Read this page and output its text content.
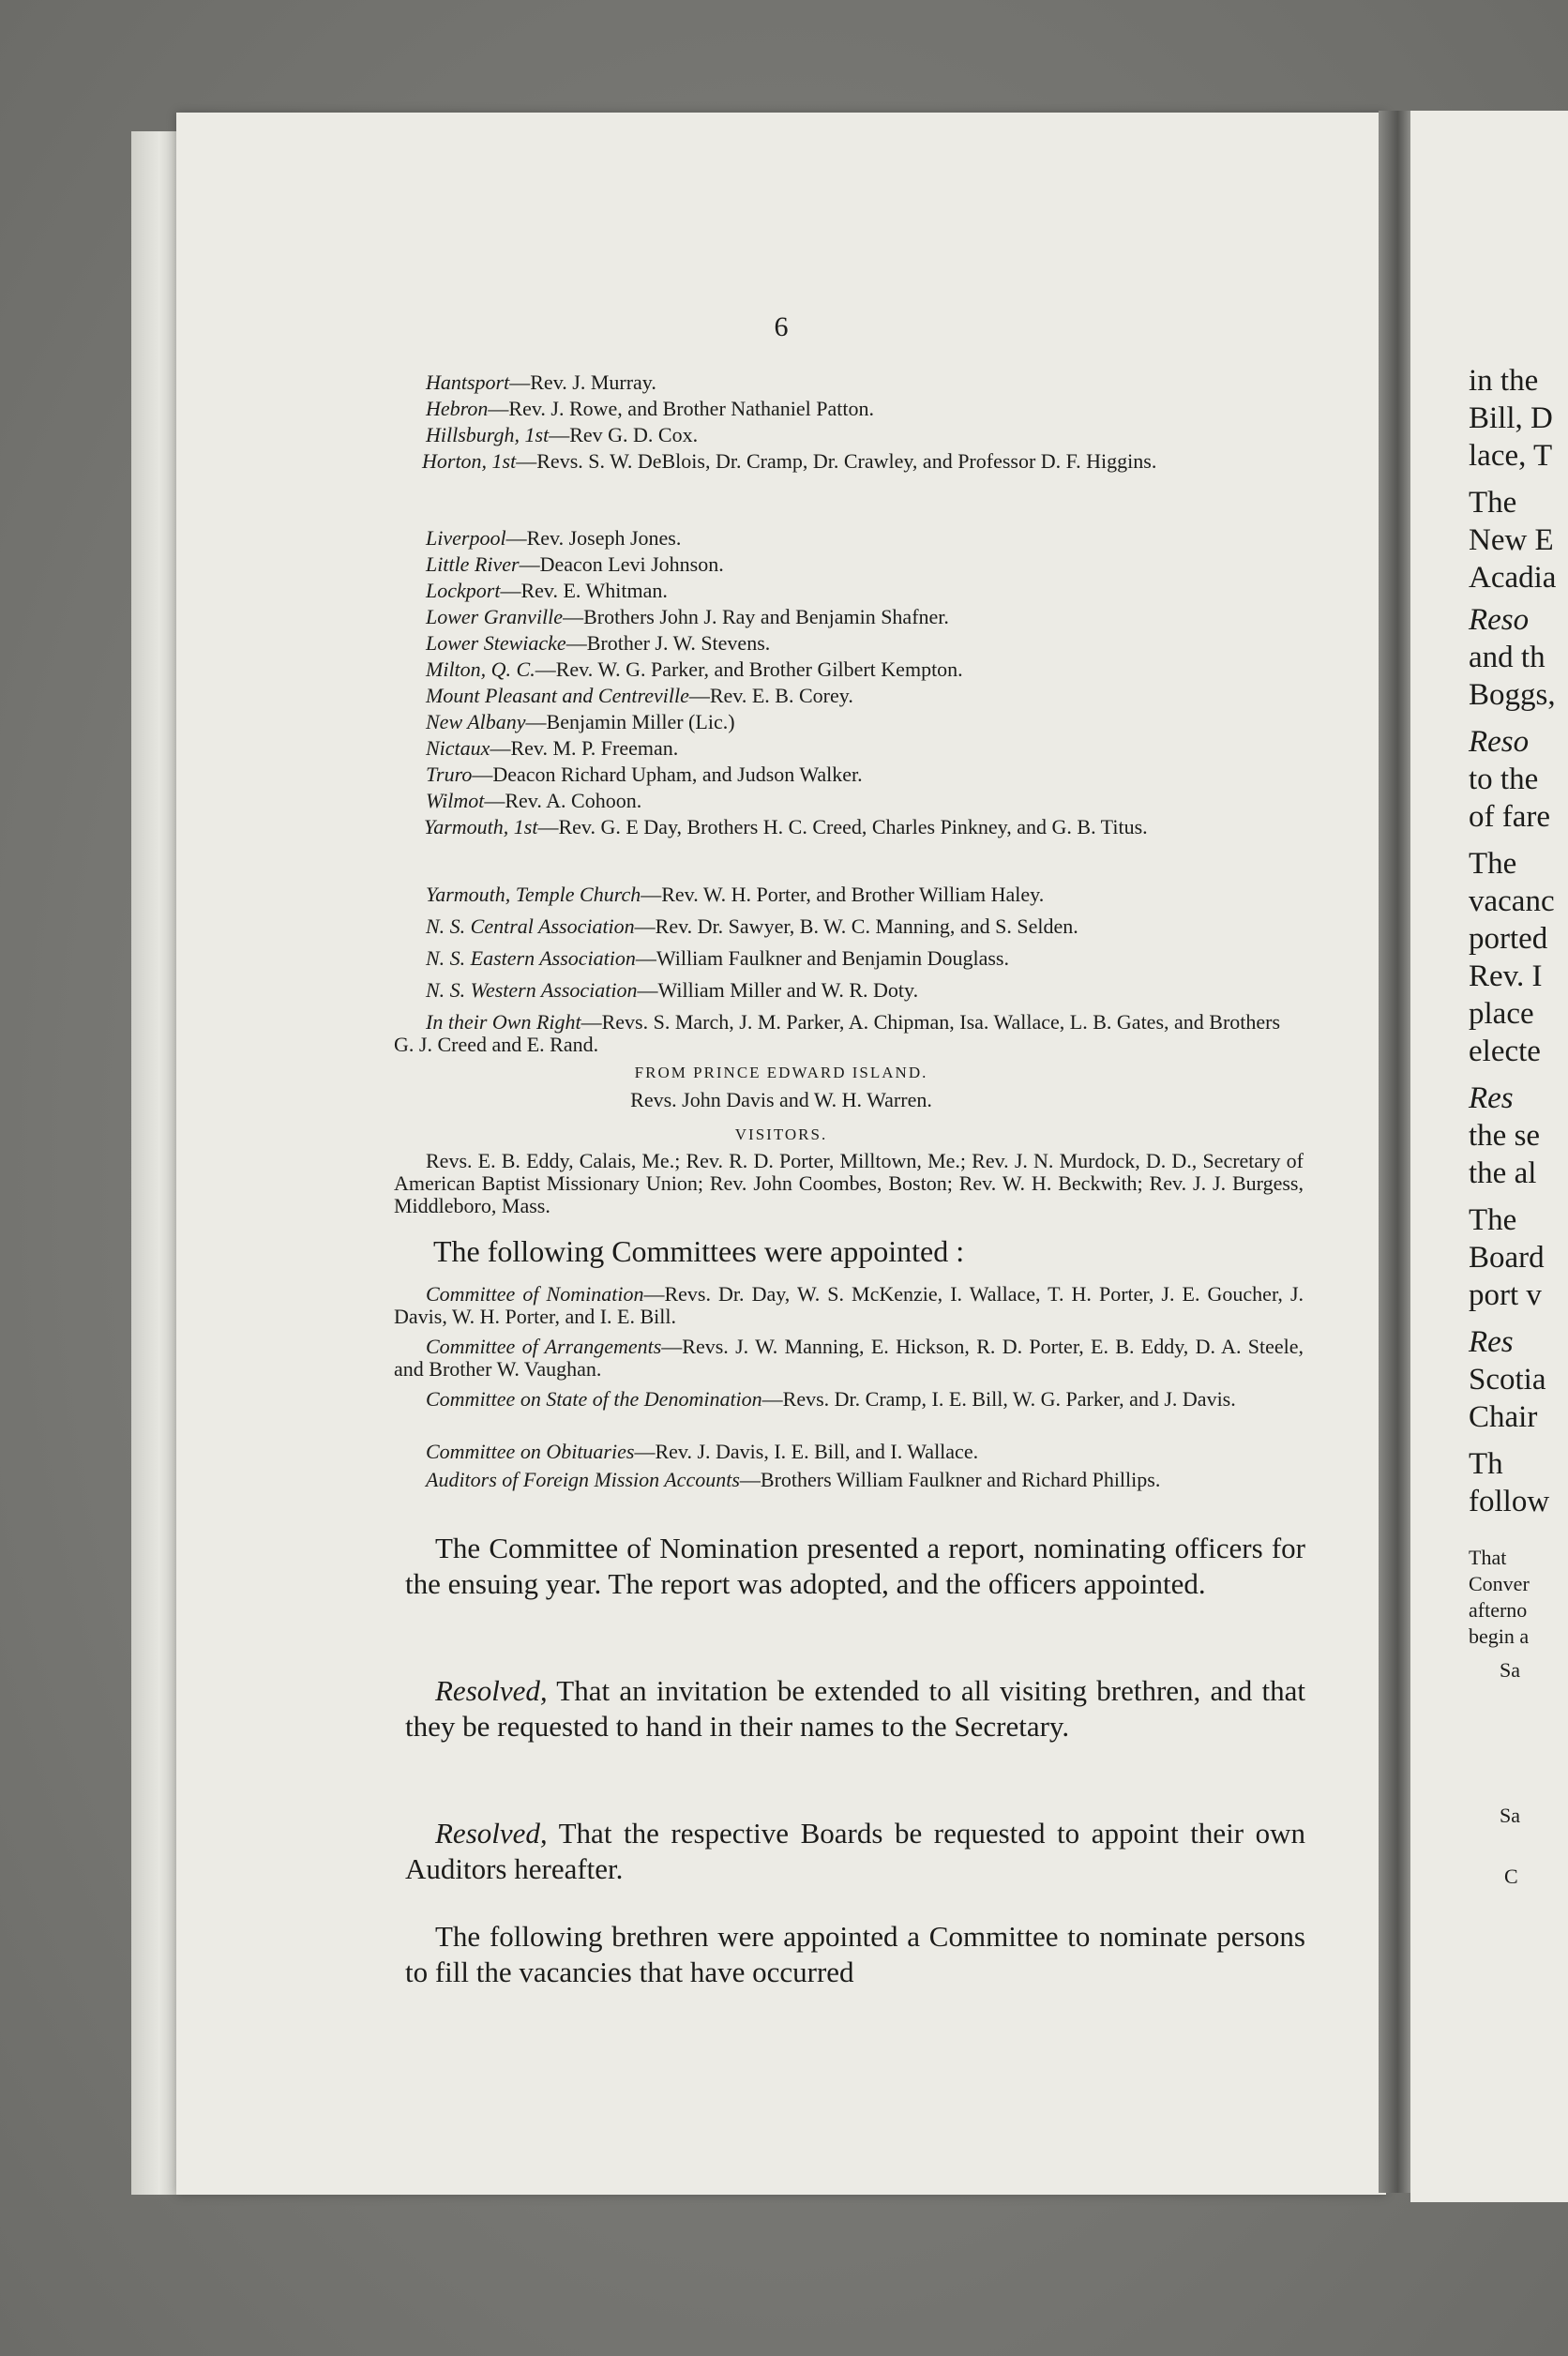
6
in the
Bill, D
lace, T
The
New E
Acadia
Reso
and th
Boggs,
Reso
to the
of fare
The
vacanc
ported
Rev. I
place
electe
Res
the se
the al
The
Board
port v
Res
Scotia
Chair
Th
follow
That
Conver
afterno
begin a
Sa
Sa
C
Hantsport—Rev. J. Murray.
Hebron—Rev. J. Rowe, and Brother Nathaniel Patton.
Hillsburgh, 1st—Rev G. D. Cox.
Horton, 1st—Revs. S. W. DeBlois, Dr. Cramp, Dr. Crawley, and Professor D. F. Higgins.
Liverpool—Rev. Joseph Jones.
Little River—Deacon Levi Johnson.
Lockport—Rev. E. Whitman.
Lower Granville—Brothers John J. Ray and Benjamin Shafner.
Lower Stewiacke—Brother J. W. Stevens.
Milton, Q. C.—Rev. W. G. Parker, and Brother Gilbert Kempton.
Mount Pleasant and Centreville—Rev. E. B. Corey.
New Albany—Benjamin Miller (Lic.)
Nictaux—Rev. M. P. Freeman.
Truro—Deacon Richard Upham, and Judson Walker.
Wilmot—Rev. A. Cohoon.
Yarmouth, 1st—Rev. G. E Day, Brothers H. C. Creed, Charles Pinkney, and G. B. Titus.
Yarmouth, Temple Church—Rev. W. H. Porter, and Brother William Haley.
N. S. Central Association—Rev. Dr. Sawyer, B. W. C. Manning, and S. Selden.
N. S. Eastern Association—William Faulkner and Benjamin Douglass.
N. S. Western Association—William Miller and W. R. Doty.
In their Own Right—Revs. S. March, J. M. Parker, A. Chipman, Isa. Wallace, L. B. Gates, and Brothers G. J. Creed and E. Rand.
FROM PRINCE EDWARD ISLAND.
Revs. John Davis and W. H. Warren.
VISITORS.
Revs. E. B. Eddy, Calais, Me.; Rev. R. D. Porter, Milltown, Me.; Rev. J. N. Murdock, D. D., Secretary of American Baptist Missionary Union; Rev. John Coombes, Boston; Rev. W. H. Beckwith; Rev. J. J. Burgess, Middleboro, Mass.
The following Committees were appointed :
Committee of Nomination—Revs. Dr. Day, W. S. McKenzie, I. Wallace, T. H. Porter, J. E. Goucher, J. Davis, W. H. Porter, and I. E. Bill.
Committee of Arrangements—Revs. J. W. Manning, E. Hickson, R. D. Porter, E. B. Eddy, D. A. Steele, and Brother W. Vaughan.
Committee on State of the Denomination—Revs. Dr. Cramp, I. E. Bill, W. G. Parker, and J. Davis.
Committee on Obituaries—Rev. J. Davis, I. E. Bill, and I. Wallace.
Auditors of Foreign Mission Accounts—Brothers William Faulkner and Richard Phillips.
The Committee of Nomination presented a report, nominating officers for the ensuing year. The report was adopted, and the officers appointed.
Resolved, That an invitation be extended to all visiting brethren, and that they be requested to hand in their names to the Secretary.
Resolved, That the respective Boards be requested to appoint their own Auditors hereafter.
The following brethren were appointed a Committee to nominate persons to fill the vacancies that have occurred
